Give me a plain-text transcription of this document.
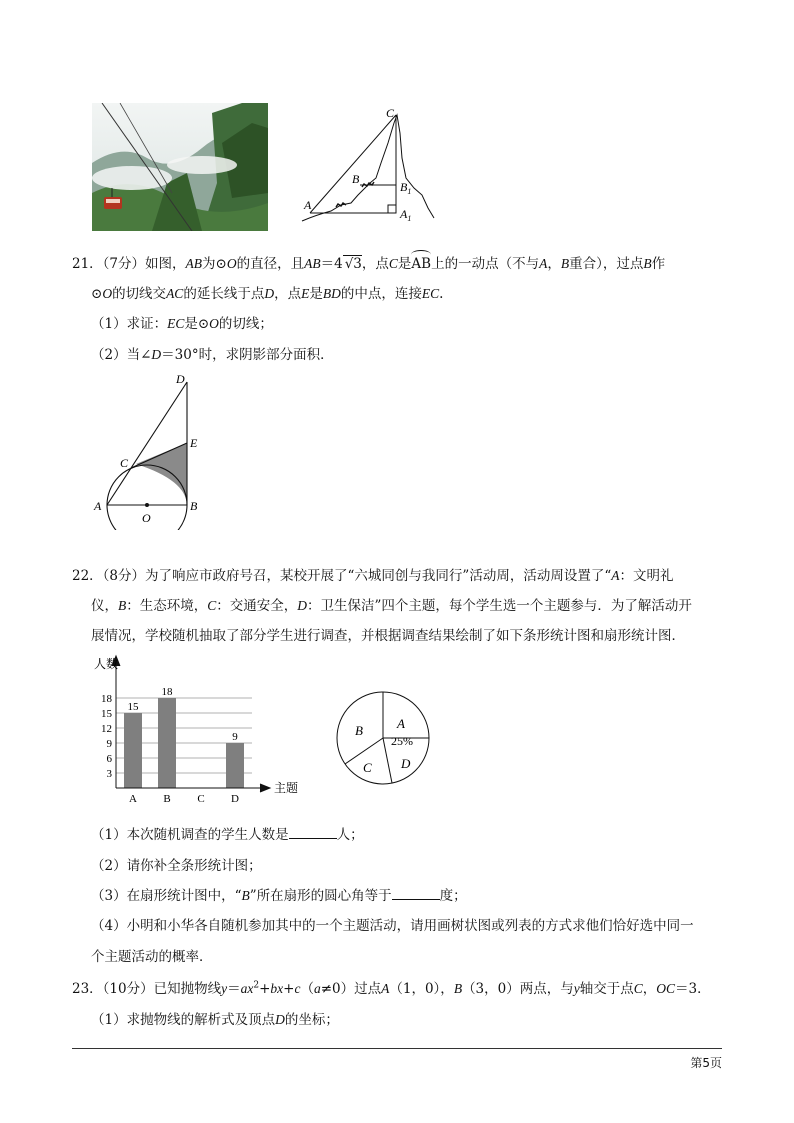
C
B
$B_1$
A
$A_1$
21．（7分）如图，AB为⊙O的直径，且AB＝4 √3，点C是
AB上的一动点（不与A，B重合），过点B作
⊙O的切线交AC的延长线于点D，点E是BD的中点，连接EC.
（1）求证：EC是⊙O的切线；
（2）当∠D＝30°时，求阴影部分面积．
D
E
C
A
O
B
22．（8分）为了响应市政府号召，某校开展了“六城同创与我同行”活动周，活动周设置了“A：文明礼
仪，B：生态环境，C：交通安全，D：卫生保洁”四个主题，每个学生选一个主题参与．为了解活动开
展情况，学校随机抽取了部分学生进行调查，并根据调查结果绘制了如下条形统计图和扇形统计图．
3
6
9
12
15
18
15
A
18
B C
9
D
人数
主题
B	A
25%
C D
（1）本次随机调查的学生人数是	人；
（2）请你补全条形统计图；
（3）在扇形统计图中，“B”所在扇形的圆心角等于	度；
（4）小明和小华各自随机参加其中的一个主题活动，请用画树状图或列表的方式求他们恰好选中同一
个主题活动的概率．
23．（10分）已知抛物线$y=ax^2+bx+c(a\ne 0)$过点A（1，0），B（3，0）两点，与y轴交于点C，OC＝3．
（1）求抛物线的解析式及顶点D的坐标；
第5页
